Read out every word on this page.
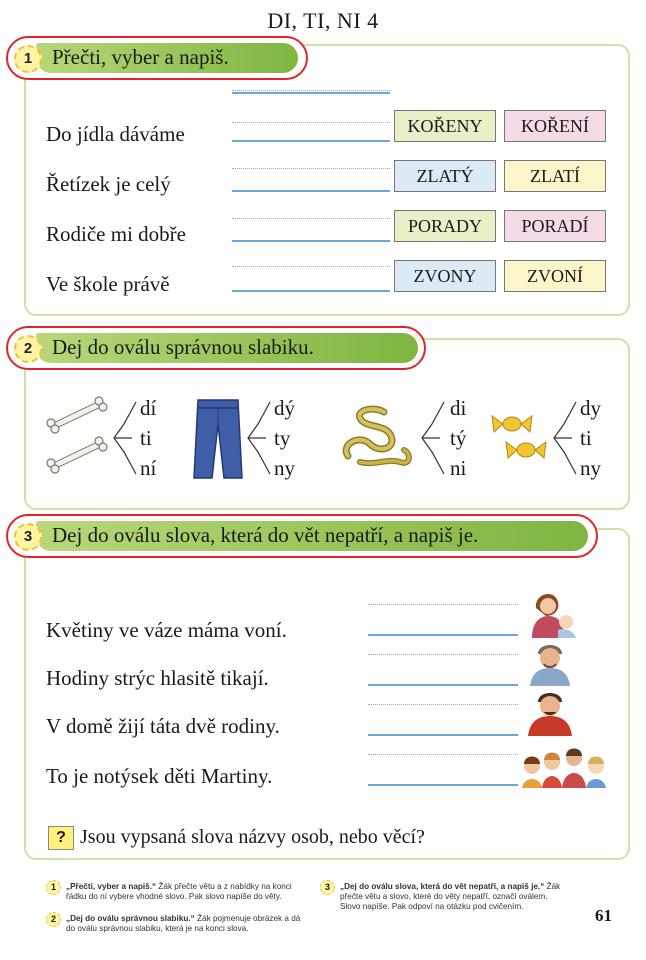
DI, TI, NI 4
1 Přečti, vyber a napiš.
Do jídla dáváme	KOŘENY	KOŘENÍ
Řetízek je celý	ZLATÝ	ZLATÍ
Rodiče mi dobře	PORADY	PORADÍ
Ve škole právě	ZVONY	ZVONÍ
2 Dej do oválu správnou slabiku.
dí
ti
ní
dý
ty
ny
di
tý
ni
dy
ti
ny
3 Dej do oválu slova, která do vět nepatří, a napiš je.
Květiny ve váze máma voní.
Hodiny strýc hlasitě tikají.
V domě žijí táta dvě rodiny.
To je notýsek děti Martiny.
? Jsou vypsaná slova názvy osob, nebo věcí?
1	„Přečti, vyber a napiš.“ Žák přečte větu a z nabídky na konci řádku do ní vybere vhodné slovo. Pak slovo napíše do věty.
2	„Dej do oválu správnou slabiku.“ Žák pojmenuje obrázek a dá do oválu správnou slabiku, která je na konci slova.
3	„Dej do oválu slova, která do vět nepatří, a napiš je.“ Žák přečte větu a slovo, které do věty nepatří, označí oválem. Slovo napíše. Pak odpoví na otázku pod cvičením.	61
